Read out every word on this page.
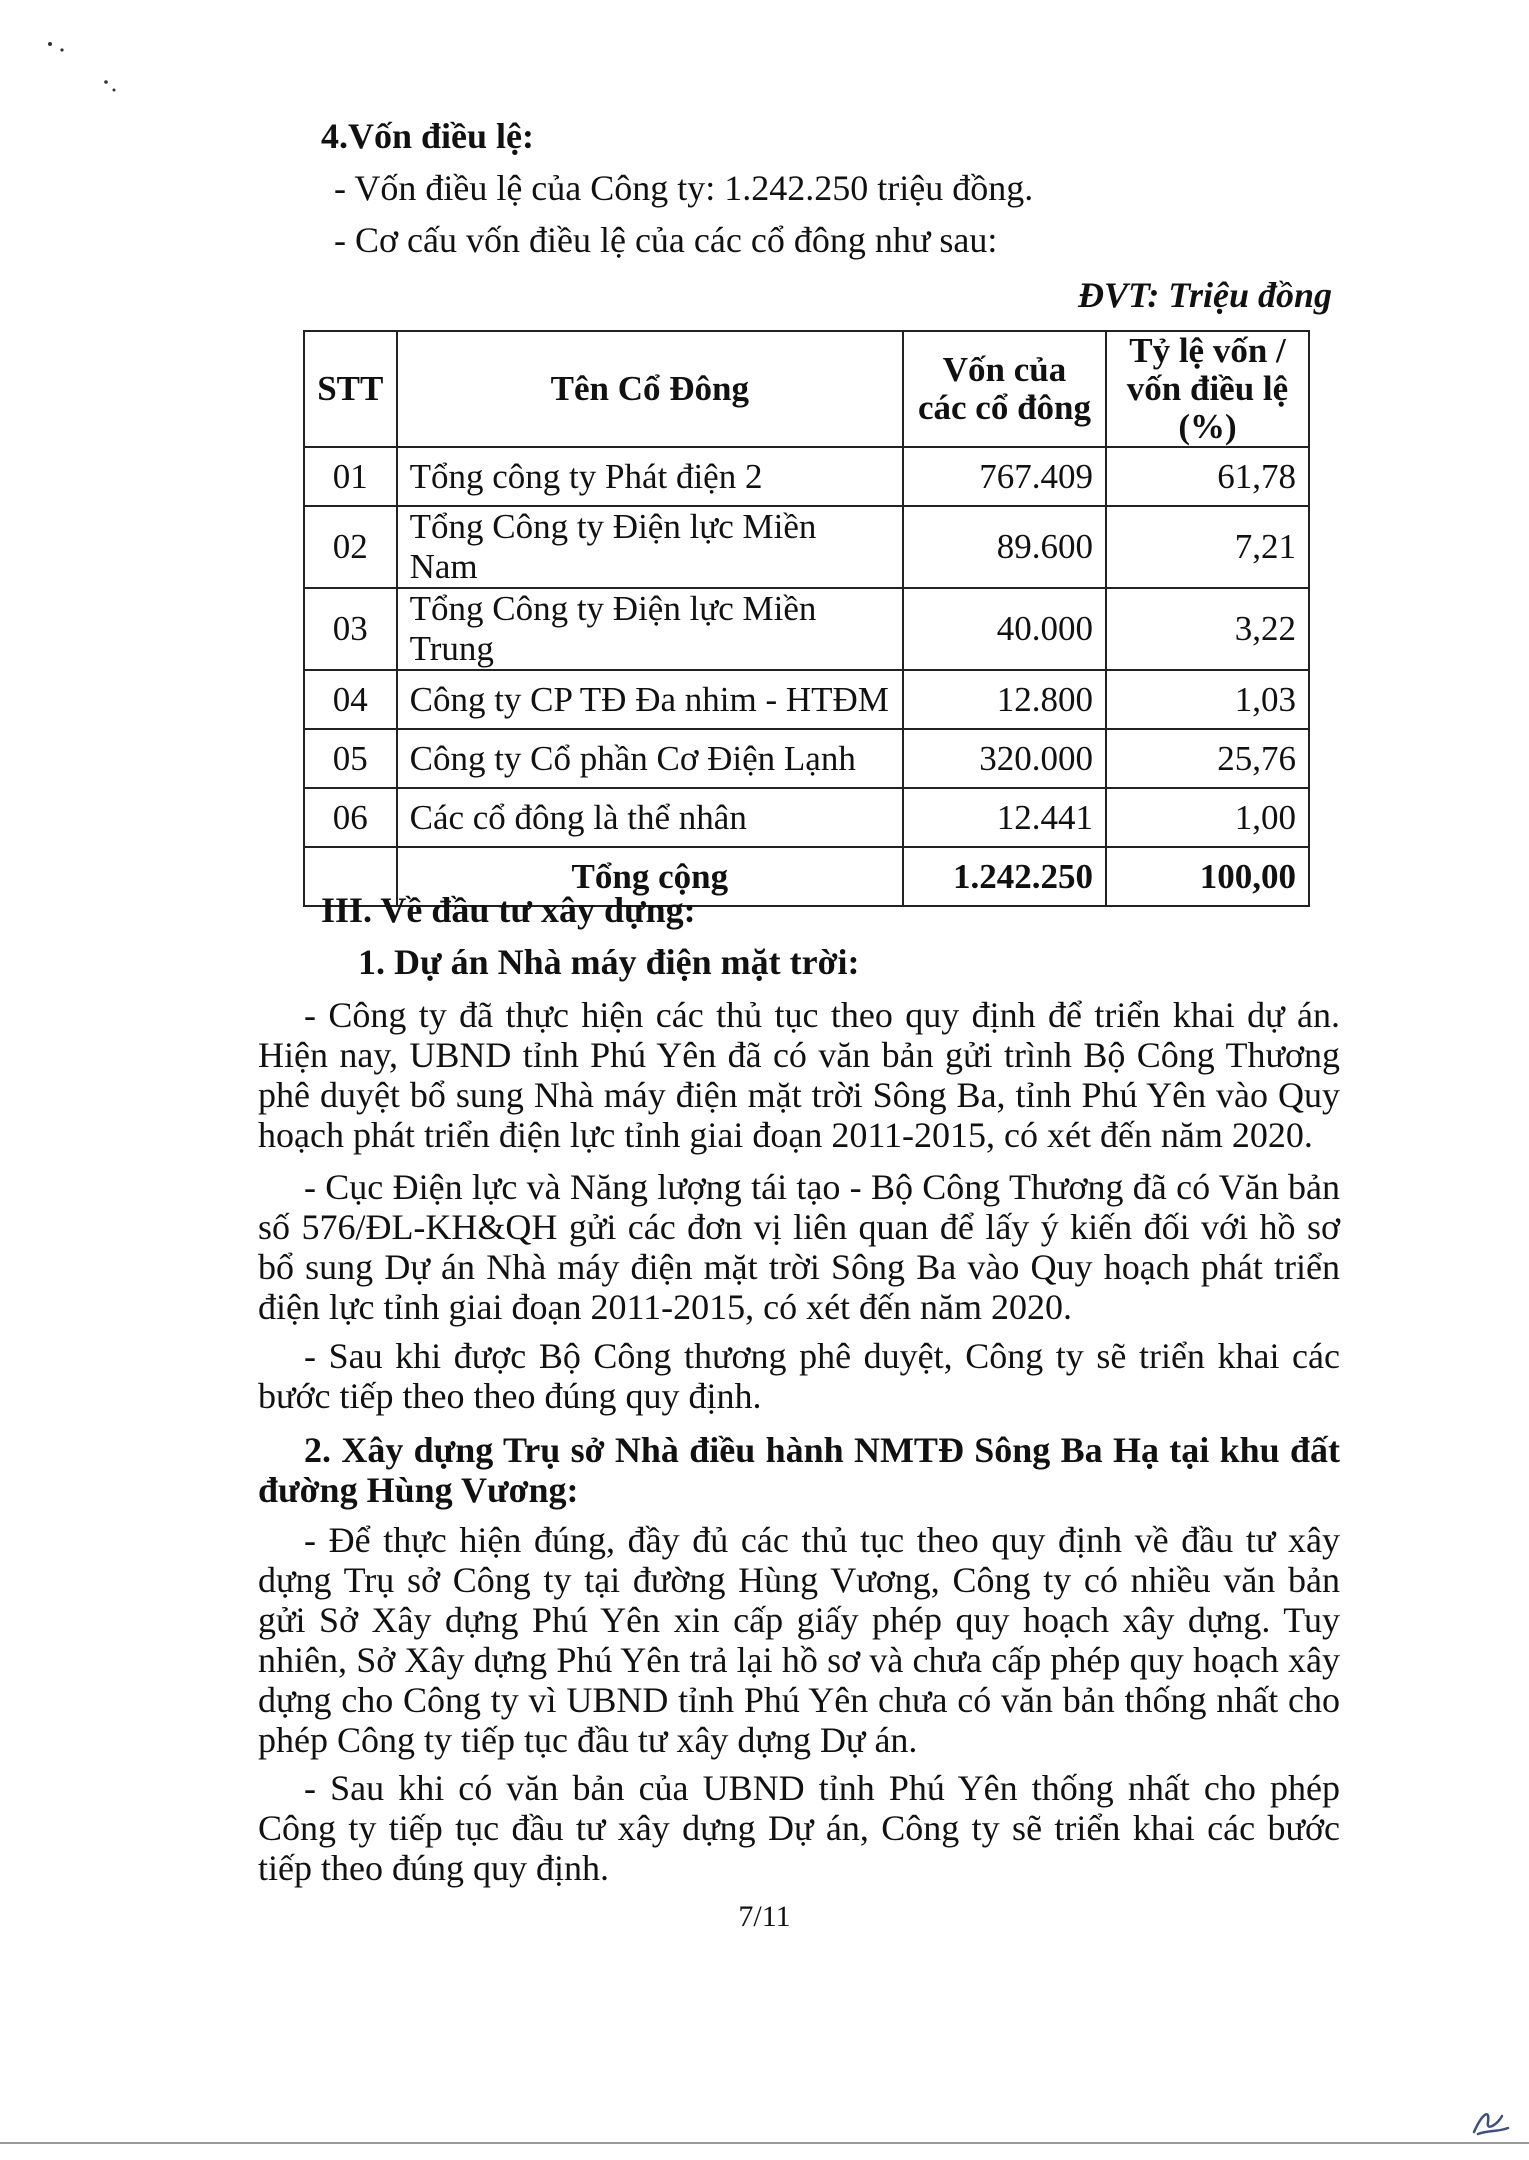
4.Vốn điều lệ:
- Vốn điều lệ của Công ty: 1.242.250 triệu đồng.
- Cơ cấu vốn điều lệ của các cổ đông như sau:
ĐVT: Triệu đồng
STT	Tên Cổ Đông	Vốn của các cổ đông	Tỷ lệ vốn / vốn điều lệ (%)
01	Tổng công ty Phát điện 2	767.409	61,78
02	Tổng Công ty Điện lực Miền Nam	89.600	7,21
03	Tổng Công ty Điện lực Miền Trung	40.000	3,22
04	Công ty CP TĐ Đa nhim - HTĐM	12.800	1,03
05	Công ty Cổ phần Cơ Điện Lạnh	320.000	25,76
06	Các cổ đông là thể nhân	12.441	1,00
	Tổng cộng	1.242.250	100,00
III. Về đầu tư xây dựng:
1. Dự án Nhà máy điện mặt trời:
- Công ty đã thực hiện các thủ tục theo quy định để triển khai dự án. Hiện nay, UBND tỉnh Phú Yên đã có văn bản gửi trình Bộ Công Thương phê duyệt bổ sung Nhà máy điện mặt trời Sông Ba, tỉnh Phú Yên vào Quy hoạch phát triển điện lực tỉnh giai đoạn 2011-2015, có xét đến năm 2020.
- Cục Điện lực và Năng lượng tái tạo - Bộ Công Thương đã có Văn bản số 576/ĐL-KH&QH gửi các đơn vị liên quan để lấy ý kiến đối với hồ sơ bổ sung Dự án Nhà máy điện mặt trời Sông Ba vào Quy hoạch phát triển điện lực tỉnh giai đoạn 2011-2015, có xét đến năm 2020.
- Sau khi được Bộ Công thương phê duyệt, Công ty sẽ triển khai các bước tiếp theo theo đúng quy định.
2. Xây dựng Trụ sở Nhà điều hành NMTĐ Sông Ba Hạ tại khu đất đường Hùng Vương:
- Để thực hiện đúng, đầy đủ các thủ tục theo quy định về đầu tư xây dựng Trụ sở Công ty tại đường Hùng Vương, Công ty có nhiều văn bản gửi Sở Xây dựng Phú Yên xin cấp giấy phép quy hoạch xây dựng. Tuy nhiên, Sở Xây dựng Phú Yên trả lại hồ sơ và chưa cấp phép quy hoạch xây dựng cho Công ty vì UBND tỉnh Phú Yên chưa có văn bản thống nhất cho phép Công ty tiếp tục đầu tư xây dựng Dự án.
- Sau khi có văn bản của UBND tỉnh Phú Yên thống nhất cho phép Công ty tiếp tục đầu tư xây dựng Dự án, Công ty sẽ triển khai các bước tiếp theo đúng quy định.
7/11
